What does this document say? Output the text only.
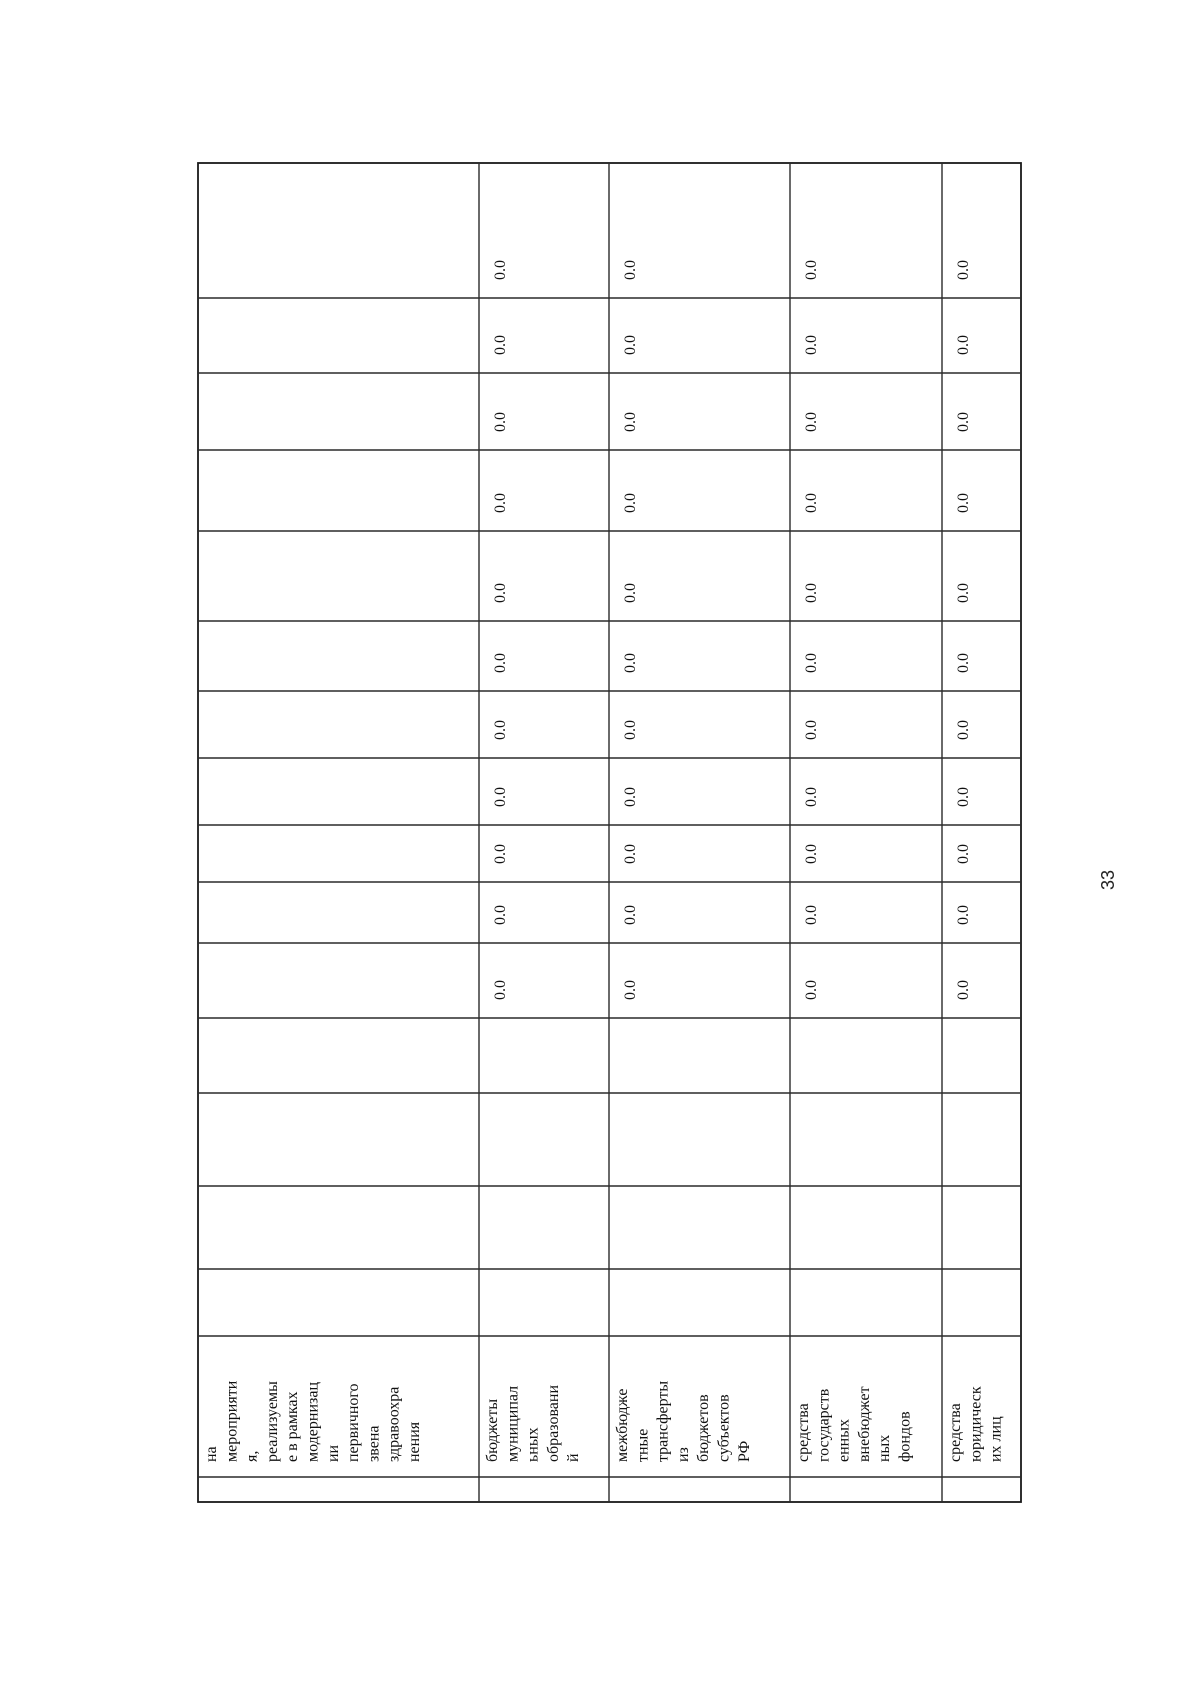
на мероприяти я, реализуемы е в рамках модернизац ии первичного звена здравоохра нения	бюджеты муниципал ьных образовани й межбюдже тные трансферты из бюджетов субъектов РФ	средства государств енных внебюджет ных фондов средства юридическ их лиц
0.0
0.0
0.0
0.0
0.0
0.0
0.0
0.0
0.0
0.0
0.0
0.0
0.0
0.0
0.0
0.0
0.0
0.0
0.0
0.0
0.0
0.0
0.0
0.0
0.0
0.0
0.0
0.0
0.0
0.0
0.0
0.0
0.0
0.0
0.0
0.0
0.0
0.0
0.0
0.0
0.0
0.0
0.0
0.0
33
